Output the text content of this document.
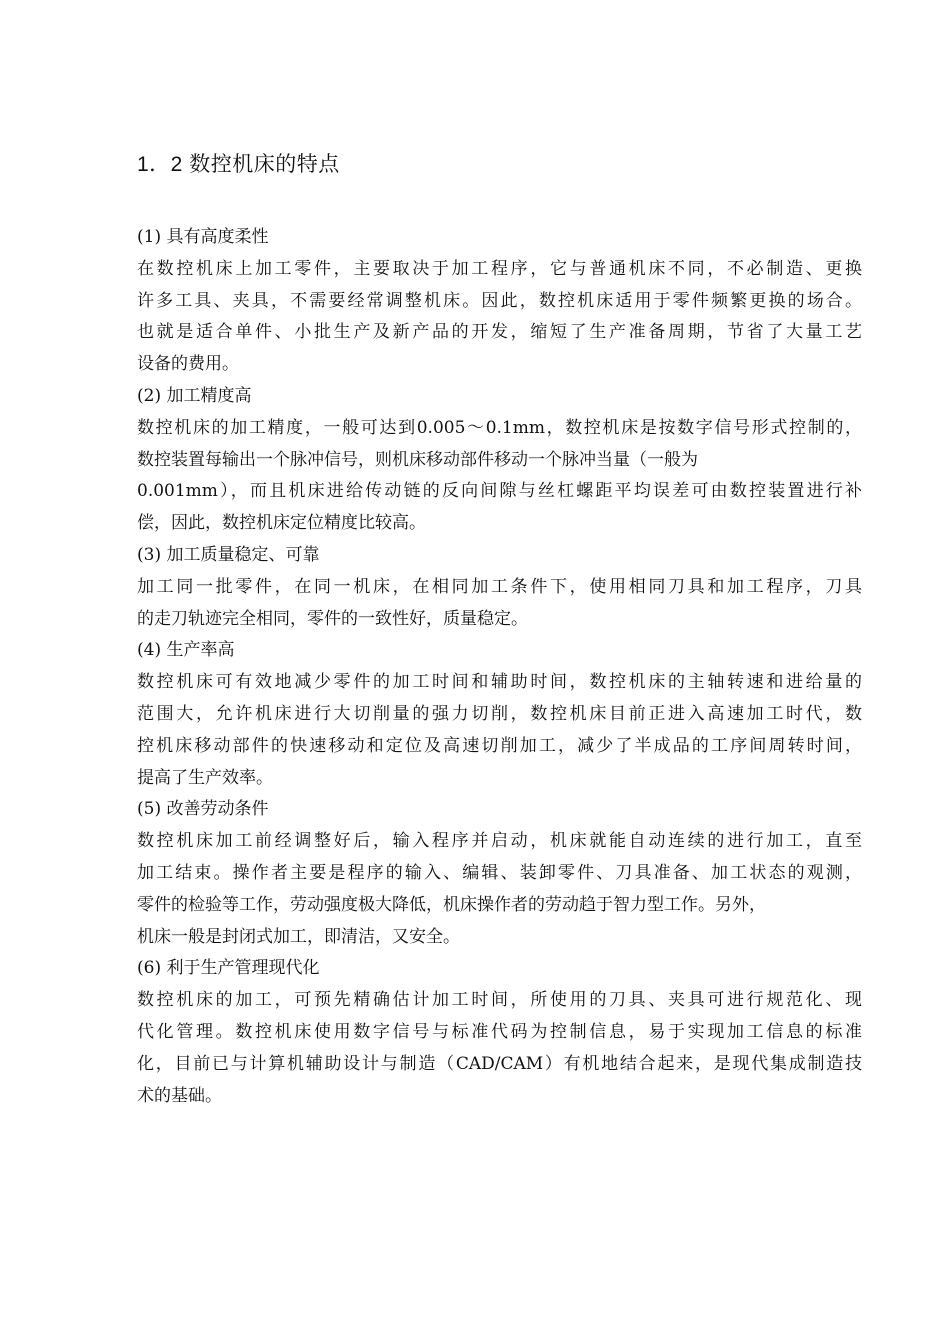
1．2 数控机床的特点

(1) 具有高度柔性

在数控机床上加工零件，主要取决于加工程序，它与普通机床不同，不必制造、更换

许多工具、夹具，不需要经常调整机床。因此，数控机床适用于零件频繁更换的场合。

也就是适合单件、小批生产及新产品的开发，缩短了生产准备周期，节省了大量工艺

设备的费用。

(2) 加工精度高

数控机床的加工精度，一般可达到0.005～0.1mm，数控机床是按数字信号形式控制的，

数控装置每输出一个脉冲信号，则机床移动部件移动一个脉冲当量（一般为

0.001mm），而且机床进给传动链的反向间隙与丝杠螺距平均误差可由数控装置进行补

偿，因此，数控机床定位精度比较高。

(3) 加工质量稳定、可靠

加工同一批零件，在同一机床，在相同加工条件下，使用相同刀具和加工程序，刀具

的走刀轨迹完全相同，零件的一致性好，质量稳定。

(4) 生产率高

数控机床可有效地减少零件的加工时间和辅助时间，数控机床的主轴转速和进给量的

范围大，允许机床进行大切削量的强力切削，数控机床目前正进入高速加工时代，数

控机床移动部件的快速移动和定位及高速切削加工，减少了半成品的工序间周转时间，

提高了生产效率。

(5) 改善劳动条件

数控机床加工前经调整好后，输入程序并启动，机床就能自动连续的进行加工，直至

加工结束。操作者主要是程序的输入、编辑、装卸零件、刀具准备、加工状态的观测，

零件的检验等工作，劳动强度极大降低，机床操作者的劳动趋于智力型工作。另外，

机床一般是封闭式加工，即清洁，又安全。

(6) 利于生产管理现代化

数控机床的加工，可预先精确估计加工时间，所使用的刀具、夹具可进行规范化、现

代化管理。数控机床使用数字信号与标准代码为控制信息，易于实现加工信息的标准

化，目前已与计算机辅助设计与制造（CAD/CAM）有机地结合起来，是现代集成制造技

术的基础。
